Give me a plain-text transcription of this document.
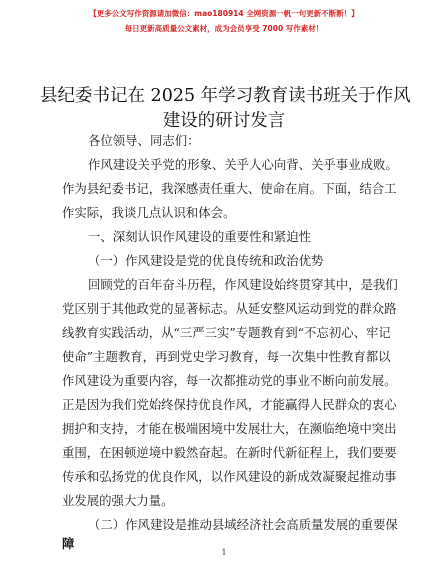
【更多公文写作资源请加微信：mao180914 全网资源一帆一句更新不断断！】
每日更新高质量公文素材，成为会员享受 7000 写作素材！
县纪委书记在 2025 年学习教育读书班关于作风
建设的研讨发言
各位领导、同志们：
作风建设关乎党的形象、关乎人心向背、关乎事业成败。
作为县纪委书记，我深感责任重大、使命在肩。下面，结合工
作实际，我谈几点认识和体会。
一、深刻认识作风建设的重要性和紧迫性
（一）作风建设是党的优良传统和政治优势
回顾党的百年奋斗历程，作风建设始终贯穿其中，是我们
党区别于其他政党的显著标志。从延安整风运动到党的群众路
线教育实践活动，从“三严三实”专题教育到“不忘初心、牢记
使命”主题教育，再到党史学习教育，每一次集中性教育都以
作风建设为重要内容，每一次都推动党的事业不断向前发展。
正是因为我们党始终保持优良作风，才能赢得人民群众的衷心
拥护和支持，才能在极端困境中发展壮大，在濒临绝境中突出
重围，在困顿逆境中毅然奋起。在新时代新征程上，我们要要
传承和弘扬党的优良作风，以作风建设的新成效凝聚起推动事
业发展的强大力量。
（二）作风建设是推动县域经济社会高质量发展的重要保
障
1
